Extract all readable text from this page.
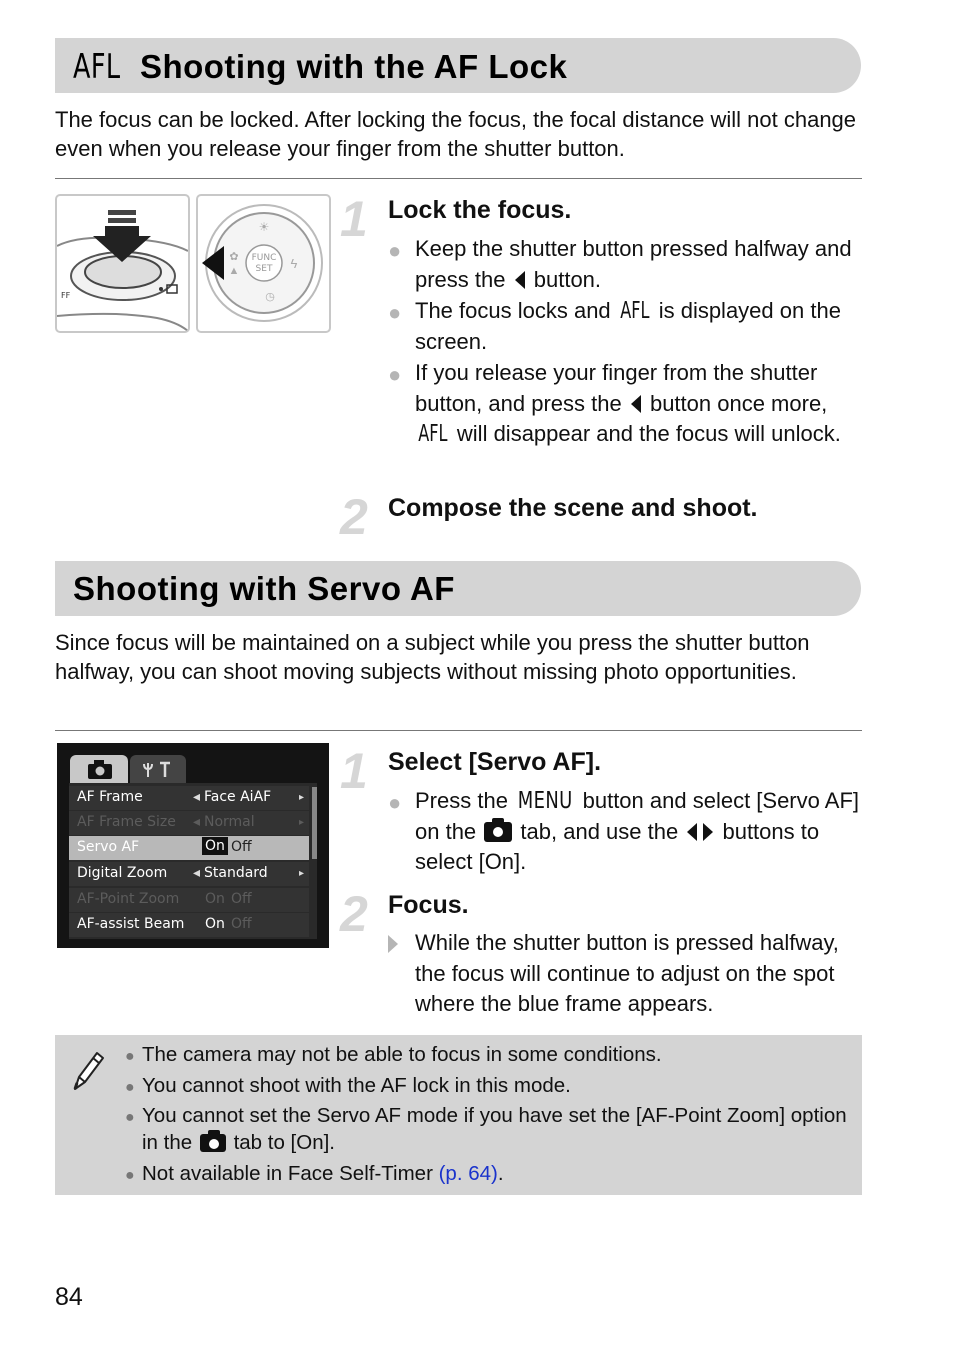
AFL Shooting with the AF Lock
The focus can be locked. After locking the focus, the focal distance will not change even when you release your finger from the shutter button.
FF
FUNC
SET
☀
ϟ
✿
▲
◷
1 Lock the focus.
● Keep the shutter button pressed halfway and press the button.
● The focus locks and AFL is displayed on the screen.
● If you release your finger from the shutter button, and press the button once more, AFL will disappear and the focus will unlock.
2 Compose the scene and shoot.
Shooting with Servo AF
Since focus will be maintained on a subject while you press the shutter button halfway, you can shoot moving subjects without missing photo opportunities.
AF Frame	◂ Face AiAF	▸
AF Frame Size ◂ Normal	▸
Servo AF	On Off
Digital Zoom ◂ Standard	▸
AF-Point Zoom On Off
AF-assist Beam On Off
1 Select [Servo AF].
● Press the MENU button and select [Servo AF] on the tab, and use the buttons to select [On].
2 Focus.
While the shutter button is pressed halfway, the focus will continue to adjust on the spot where the blue frame appears.
● The camera may not be able to focus in some conditions.
● You cannot shoot with the AF lock in this mode.
● You cannot set the Servo AF mode if you have set the [AF-Point Zoom] option in the tab to [On].
● Not available in Face Self-Timer (p. 64).
84
